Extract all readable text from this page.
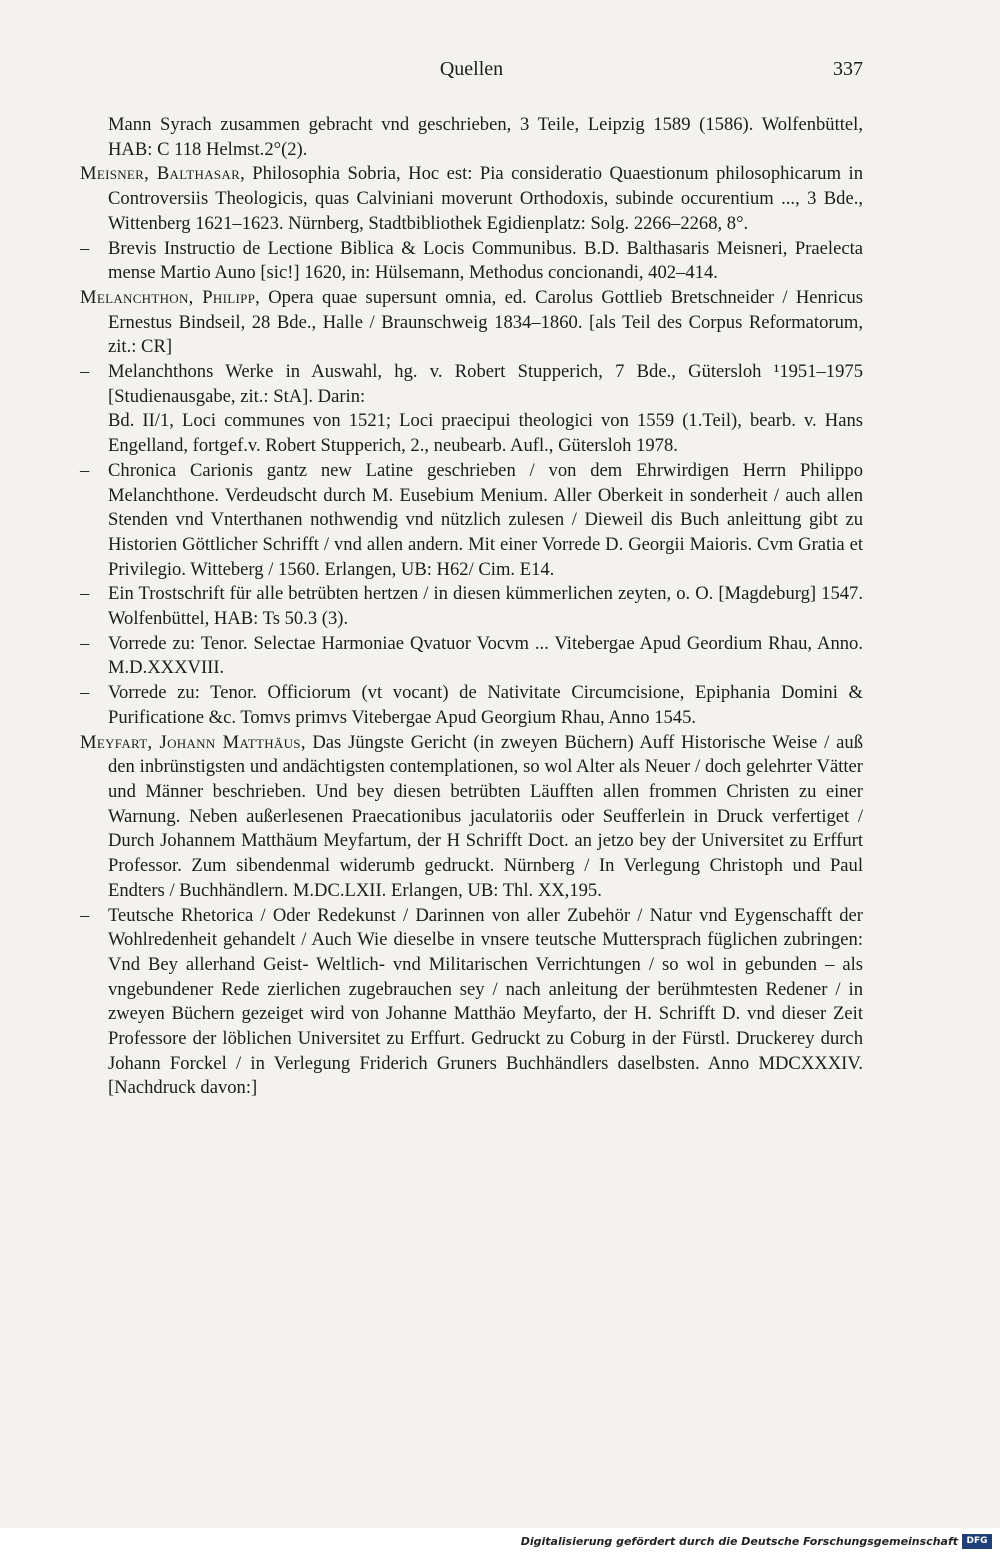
Quellen	337

Mann Syrach zusammen gebracht vnd geschrieben, 3 Teile, Leipzig 1589 (1586). Wolfenbüttel, HAB: C 118 Helmst.2°(2).

Meisner, Balthasar, Philosophia Sobria, Hoc est: Pia consideratio Quaestionum philosophicarum in Controversiis Theologicis, quas Calviniani moverunt Orthodoxis, subinde occurentium ..., 3 Bde., Wittenberg 1621–1623. Nürnberg, Stadtbibliothek Egidienplatz: Solg. 2266–2268, 8°.

– Brevis Instructio de Lectione Biblica & Locis Communibus. B.D. Balthasaris Meisneri, Praelecta mense Martio Auno [sic!] 1620, in: Hülsemann, Methodus concionandi, 402–414.

Melanchthon, Philipp, Opera quae supersunt omnia, ed. Carolus Gottlieb Bretschneider / Henricus Ernestus Bindseil, 28 Bde., Halle / Braunschweig 1834–1860. [als Teil des Corpus Reformatorum, zit.: CR]

– Melanchthons Werke in Auswahl, hg. v. Robert Stupperich, 7 Bde., Gütersloh ¹1951–1975 [Studienausgabe, zit.: StA]. Darin:

Bd. II/1, Loci communes von 1521; Loci praecipui theologici von 1559 (1.Teil), bearb. v. Hans Engelland, fortgef.v. Robert Stupperich, 2., neubearb. Aufl., Gütersloh 1978.

– Chronica Carionis gantz new Latine geschrieben / von dem Ehrwirdigen Herrn Philippo Melanchthone. Verdeudscht durch M. Eusebium Menium. Aller Oberkeit in sonderheit / auch allen Stenden vnd Vnterthanen nothwendig vnd nützlich zulesen / Dieweil dis Buch anleittung gibt zu Historien Göttlicher Schrifft / vnd allen andern. Mit einer Vorrede D. Georgii Maioris. Cvm Gratia et Privilegio. Witteberg / 1560. Erlangen, UB: H62/ Cim. E14.

– Ein Trostschrift für alle betrübten hertzen / in diesen kümmerlichen zeyten, o. O. [Magdeburg] 1547. Wolfenbüttel, HAB: Ts 50.3 (3).

– Vorrede zu: Tenor. Selectae Harmoniae Qvatuor Vocvm ... Vitebergae Apud Geordium Rhau, Anno. M.D.XXXVIII.

– Vorrede zu: Tenor. Officiorum (vt vocant) de Nativitate Circumcisione, Epiphania Domini & Purificatione &c. Tomvs primvs Vitebergae Apud Georgium Rhau, Anno 1545.

Meyfart, Johann Matthäus, Das Jüngste Gericht (in zweyen Büchern) Auff Historische Weise / auß den inbrünstigsten und andächtigsten contemplationen, so wol Alter als Neuer / doch gelehrter Vätter und Männer beschrieben. Und bey diesen betrübten Läufften allen frommen Christen zu einer Warnung. Neben außerlesenen Praecationibus jaculatoriis oder Seufferlein in Druck verfertiget / Durch Johannem Matthäum Meyfartum, der H Schrifft Doct. an jetzo bey der Universitet zu Erffurt Professor. Zum sibendenmal widerumb gedruckt. Nürnberg / In Verlegung Christoph und Paul Endters / Buchhändlern. M.DC.LXII. Erlangen, UB: Thl. XX,195.

– Teutsche Rhetorica / Oder Redekunst / Darinnen von aller Zubehör / Natur vnd Eygenschafft der Wohlredenheit gehandelt / Auch Wie dieselbe in vnsere teutsche Muttersprach füglichen zubringen: Vnd Bey allerhand Geist- Weltlich- vnd Militarischen Verrichtungen / so wol in gebunden – als vngebundener Rede zierlichen zugebrauchen sey / nach anleitung der berühmtesten Redener / in zweyen Büchern gezeiget wird von Johanne Matthäo Meyfarto, der H. Schrifft D. vnd dieser Zeit Professore der löblichen Universitet zu Erffurt. Gedruckt zu Coburg in der Fürstl. Druckerey durch Johann Forckel / in Verlegung Friderich Gruners Buchhändlers daselbsten. Anno MDCXXXIV. [Nachdruck davon:]

Digitalisierung gefördert durch die Deutsche Forschungsgemeinschaft DFG
